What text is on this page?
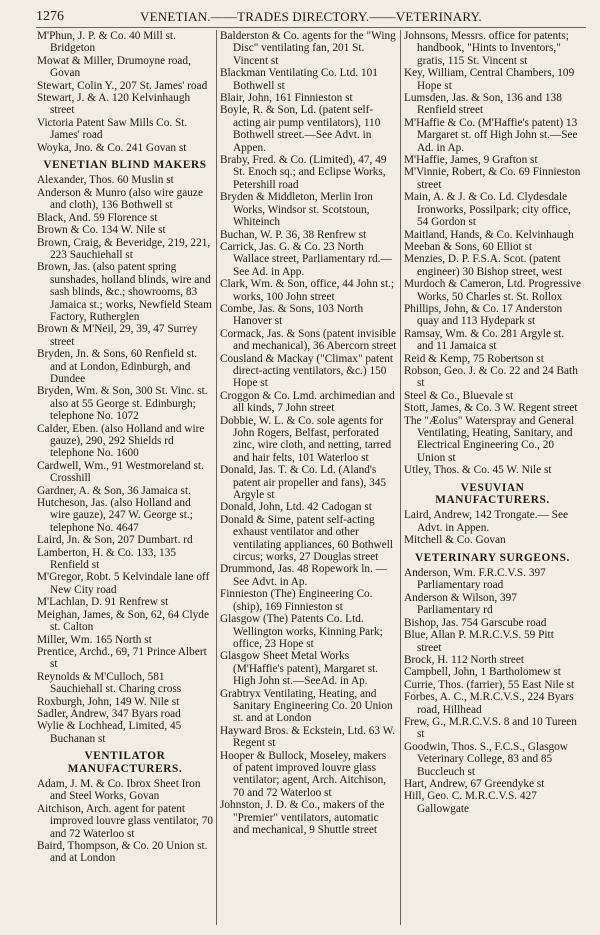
1276	VENETIAN.——TRADES DIRECTORY.——VETERINARY.
M'Phun, J. P. & Co. 40 Mill st. Bridgeton
Mowat & Miller, Drumoyne road, Govan
Stewart, Colin Y., 207 St. James' road
Stewart, J. & A. 120 Kelvinhaugh street
Victoria Patent Saw Mills Co. St. James' road
Woyka, Jno. & Co. 241 Govan st
VENETIAN BLIND MAKERS
Alexander, Thos. 60 Muslin st
Anderson & Munro (also wire gauze and cloth), 136 Bothwell st
Black, And. 59 Florence st
Brown & Co. 134 W. Nile st
Brown, Craig, & Beveridge, 219, 221, 223 Sauchiehall st
Brown, Jas. (also patent spring sunshades, holland blinds, wire and sash blinds, &c.; showrooms, 83 Jamaica st.; works, Newfield Steam Factory, Rutherglen
Brown & M'Neil, 29, 39, 47 Surrey street
Bryden, Jn. & Sons, 60 Renfield st. and at London, Edinburgh, and Dundee
Bryden, Wm. & Son, 300 St. Vinc. st. also at 55 George st. Edinburgh; telephone No. 1072
Calder, Eben. (also Holland and wire gauze), 290, 292 Shields rd telephone No. 1600
Cardwell, Wm., 91 Westmoreland st. Crosshill
Gardner, A. & Son, 36 Jamaica st.
Hutcheson, Jas. (also Holland and wire gauze), 247 W. George st.; telephone No. 4647
Laird, Jn. & Son, 207 Dumbart. rd
Lamberton, H. & Co. 133, 135 Renfield st
M'Gregor, Robt. 5 Kelvindale lane off New City road
M'Lachlan, D. 91 Renfrew st
Meighan, James, & Son, 62, 64 Clyde st. Calton
Miller, Wm. 165 North st
Prentice, Archd., 69, 71 Prince Albert st
Reynolds & M'Culloch, 581 Sauchiehall st. Charing cross
Roxburgh, John, 149 W. Nile st
Sadler, Andrew, 347 Byars road
Wylie & Lochhead, Limited, 45 Buchanan st
VENTILATOR MANUFACTURERS.
Adam, J. M. & Co. Ibrox Sheet Iron and Steel Works, Govan
Aitchison, Arch. agent for patent improved louvre glass ventilator, 70 and 72 Waterloo st
Baird, Thompson, & Co. 20 Union st. and at London
Balderston & Co. agents for the "Wing Disc" ventilating fan, 201 St. Vincent st
Blackman Ventilating Co. Ltd. 101 Bothwell st
Blair, John, 161 Finnieston st
Boyle, R. & Son, Ld. (patent self-acting air pump ventilators), 110 Bothwell street.—See Advt. in Appen.
Braby, Fred. & Co. (Limited), 47, 49 St. Enoch sq.; and Eclipse Works, Petershill road
Bryden & Middleton, Merlin Iron Works, Windsor st. Scotstoun, Whiteinch
Buchan, W. P. 36, 38 Renfrew st
Carrick, Jas. G. & Co. 23 North Wallace street, Parliamentary rd.—See Ad. in App.
Clark, Wm. & Son, office, 44 John st.; works, 100 John street
Combe, Jas. & Sons, 103 North Hanover st
Cormack, Jas. & Sons (patent invisible and mechanical), 36 Abercorn street
Cousland & Mackay ("Climax" patent direct-acting ventilators, &c.) 150 Hope st
Croggon & Co. Lmd. archimedian and all kinds, 7 John street
Dobbie, W. L. & Co. sole agents for John Rogers, Belfast, perforated zinc, wire cloth, and netting, tarred and hair felts, 101 Waterloo st
Donald, Jas. T. & Co. Ld. (Aland's patent air propeller and fans), 345 Argyle st
Donald, John, Ltd. 42 Cadogan st
Donald & Sime, patent self-acting exhaust ventilator and other ventilating appliances, 60 Bothwell circus; works, 27 Douglas street
Drummond, Jas. 48 Ropework ln. —See Advt. in Ap.
Finnieston (The) Engineering Co. (ship), 169 Finnieston st
Glasgow (The) Patents Co. Ltd. Wellington works, Kinning Park; office, 23 Hope st
Glasgow Sheet Metal Works (M'Haffie's patent), Margaret st. High John st.—SeeAd. in Ap.
Grabtryx Ventilating, Heating, and Sanitary Engineering Co. 20 Union st. and at London
Hayward Bros. & Eckstein, Ltd. 63 W. Regent st
Hooper & Bullock, Moseley, makers of patent improved louvre glass ventilator; agent, Arch. Aitchison, 70 and 72 Waterloo st
Johnston, J. D. & Co., makers of the "Premier" ventilators, automatic and mechanical, 9 Shuttle street
Johnsons, Messrs. office for patents; handbook, "Hints to Inventors," gratis, 115 St. Vincent st
Key, William, Central Chambers, 109 Hope st
Lumsden, Jas. & Son, 136 and 138 Renfield street
M'Haffie & Co. (M'Haffie's patent) 13 Margaret st. off High John st.—See Ad. in Ap.
M'Haffie, James, 9 Grafton st
M'Vinnie, Robert, & Co. 69 Finnieston street
Main, A. & J. & Co. Ld. Clydesdale Ironworks, Possilpark; city office, 54 Gordon st
Maitland, Hands, & Co. Kelvinhaugh
Meeban & Sons, 60 Elliot st
Menzies, D. P. F.S.A. Scot. (patent engineer) 30 Bishop street, west
Murdoch & Cameron, Ltd. Progressive Works, 50 Charles st. St. Rollox
Phillips, John, & Co. 17 Anderston quay and 113 Hydepark st
Ramsay, Wm. & Co. 281 Argyle st. and 11 Jamaica st
Reid & Kemp, 75 Robertson st
Robson, Geo. J. & Co. 22 and 24 Bath st
Steel & Co., Bluevale st
Stott, James, & Co. 3 W. Regent street
The "Æolus" Waterspray and General Ventilating, Heating, Sanitary, and Electrical Engineering Co., 20 Union st
Utley, Thos. & Co. 45 W. Nile st
VESUVIAN MANUFACTURERS.
Laird, Andrew, 142 Trongate.— See Advt. in Appen.
Mitchell & Co. Govan
VETERINARY SURGEONS.
Anderson, Wm. F.R.C.V.S. 397 Parliamentary road
Anderson & Wilson, 397 Parliamentary rd
Bishop, Jas. 754 Garscube road
Blue, Allan P. M.R.C.V.S. 59 Pitt street
Brock, H. 112 North street
Campbell, John, 1 Bartholomew st
Currie, Thos. (farrier), 55 East Nile st
Forbes, A. C., M.R.C.V.S., 224 Byars road, Hillhead
Frew, G., M.R.C.V.S. 8 and 10 Tureen st
Goodwin, Thos. S., F.C.S., Glasgow Veterinary College, 83 and 85 Buccleuch st
Hart, Andrew, 67 Greendyke st
Hill, Geo. C. M.R.C.V.S. 427 Gallowgate
